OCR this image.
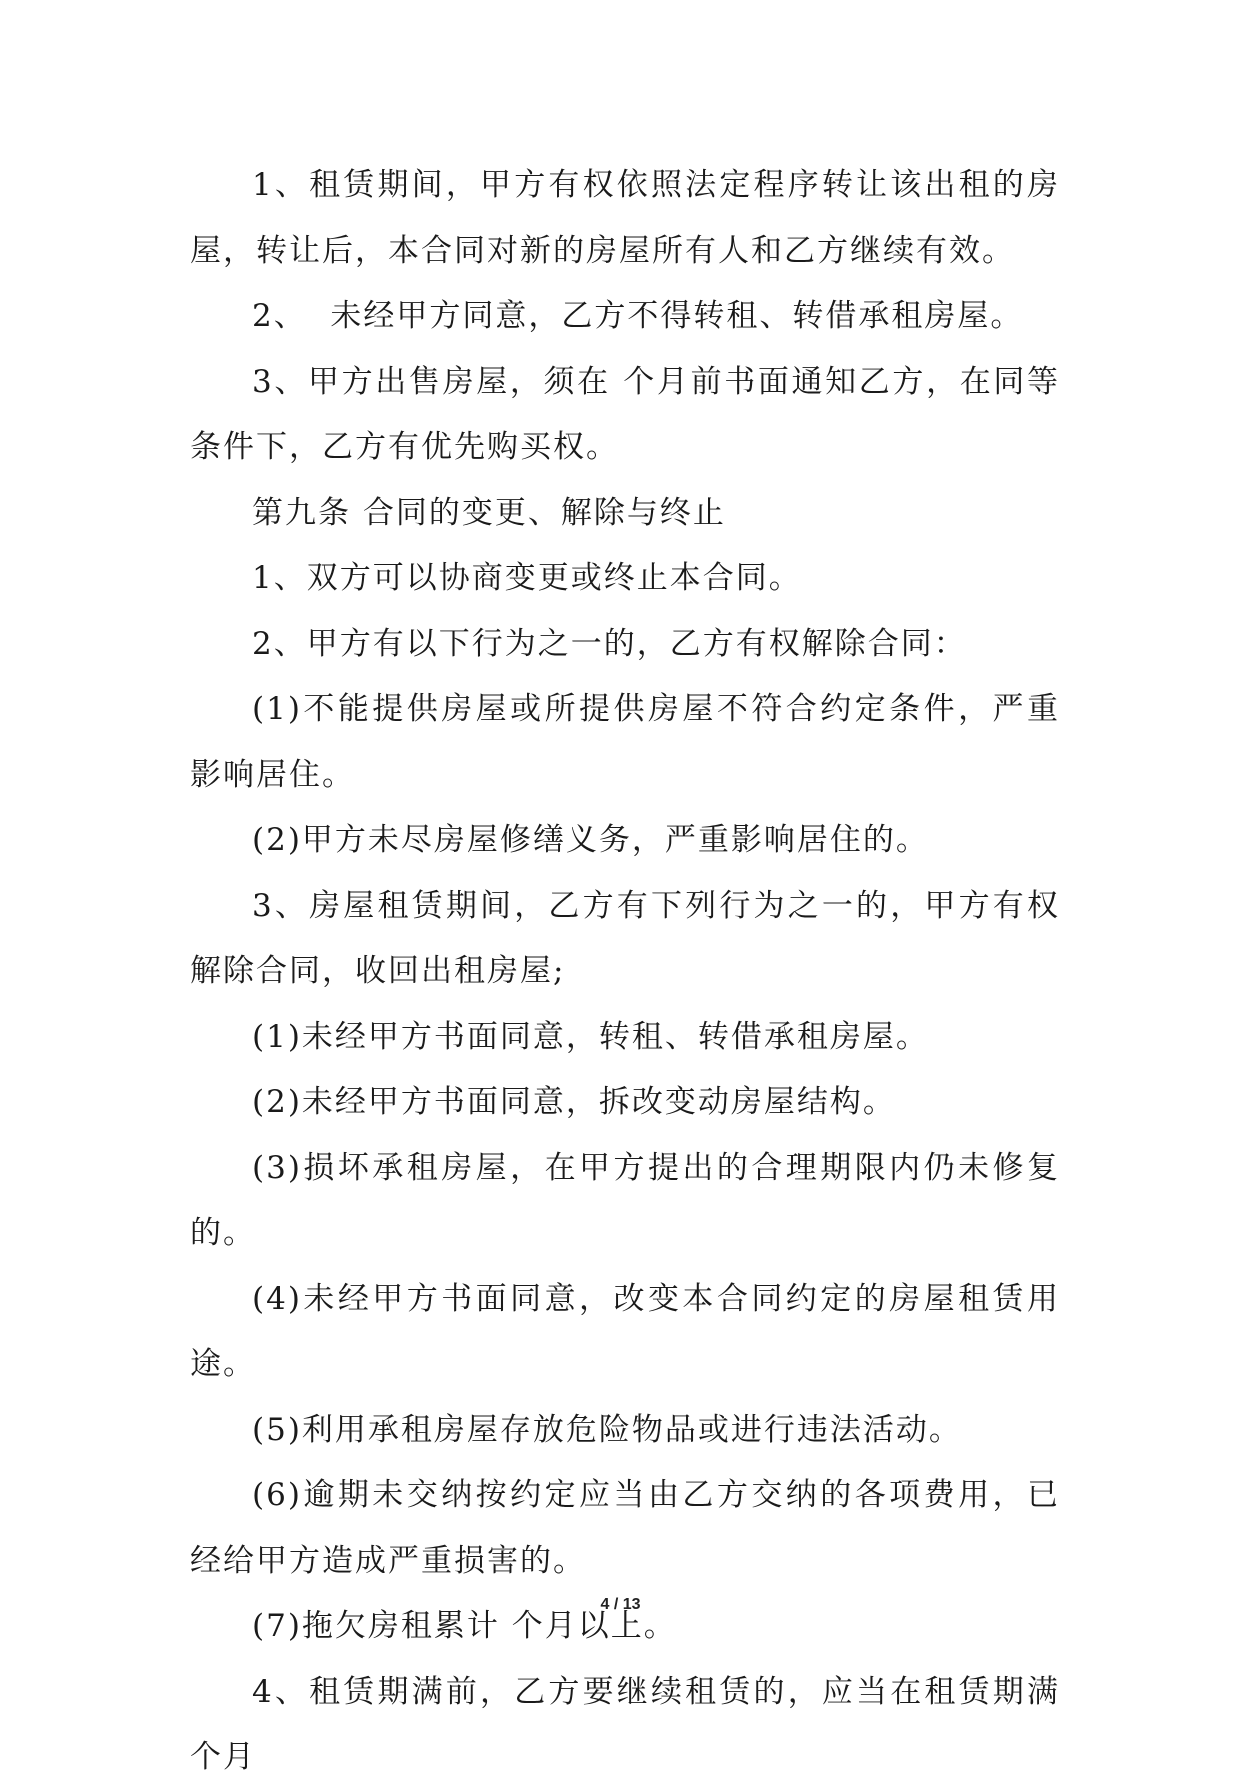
1、租赁期间，甲方有权依照法定程序转让该出租的房屋，转让后，本合同对新的房屋所有人和乙方继续有效。

2、  未经甲方同意，乙方不得转租、转借承租房屋。

3、甲方出售房屋，须在 个月前书面通知乙方，在同等条件下，乙方有优先购买权。

第九条 合同的变更、解除与终止

1、双方可以协商变更或终止本合同。

2、甲方有以下行为之一的，乙方有权解除合同：

(1)不能提供房屋或所提供房屋不符合约定条件，严重影响居住。

(2)甲方未尽房屋修缮义务，严重影响居住的。

3、房屋租赁期间，乙方有下列行为之一的，甲方有权解除合同，收回出租房屋;

(1)未经甲方书面同意，转租、转借承租房屋。

(2)未经甲方书面同意，拆改变动房屋结构。

(3)损坏承租房屋，在甲方提出的合理期限内仍未修复的。

(4)未经甲方书面同意，改变本合同约定的房屋租赁用途。

(5)利用承租房屋存放危险物品或进行违法活动。

(6)逾期未交纳按约定应当由乙方交纳的各项费用，已经给甲方造成严重损害的。

(7)拖欠房租累计 个月以上。

4、租赁期满前，乙方要继续租赁的，应当在租赁期满 个月

4 / 13
